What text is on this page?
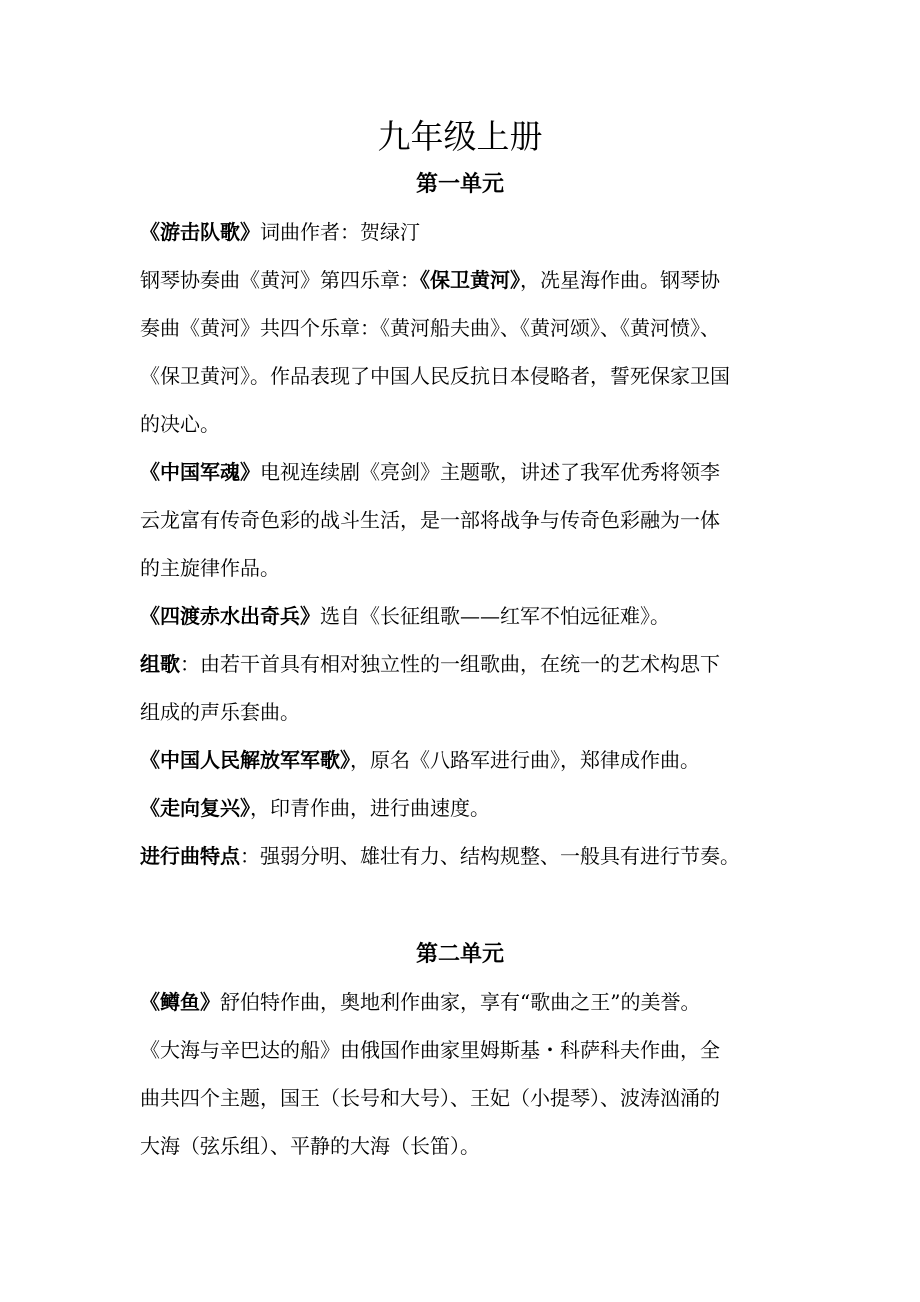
九年级上册
第一单元
《游击队歌》词曲作者：贺绿汀
钢琴协奏曲《黄河》第四乐章：《保卫黄河》，冼星海作曲。钢琴协
奏曲《黄河》共四个乐章：《黄河船夫曲》、《黄河颂》、《黄河愤》、
《保卫黄河》。作品表现了中国人民反抗日本侵略者，誓死保家卫国
的决心。
《中国军魂》电视连续剧《亮剑》主题歌，讲述了我军优秀将领李
云龙富有传奇色彩的战斗生活，是一部将战争与传奇色彩融为一体
的主旋律作品。
《四渡赤水出奇兵》选自《长征组歌——红军不怕远征难》。
组歌：由若干首具有相对独立性的一组歌曲，在统一的艺术构思下
组成的声乐套曲。
《中国人民解放军军歌》，原名《八路军进行曲》，郑律成作曲。
《走向复兴》，印青作曲，进行曲速度。
进行曲特点：强弱分明、雄壮有力、结构规整、一般具有进行节奏。
第二单元
《鳟鱼》舒伯特作曲，奥地利作曲家，享有“歌曲之王”的美誉。
《大海与辛巴达的船》由俄国作曲家里姆斯基・科萨科夫作曲，全
曲共四个主题，国王（长号和大号）、王妃（小提琴）、波涛汹涌的
大海（弦乐组）、平静的大海（长笛）。
